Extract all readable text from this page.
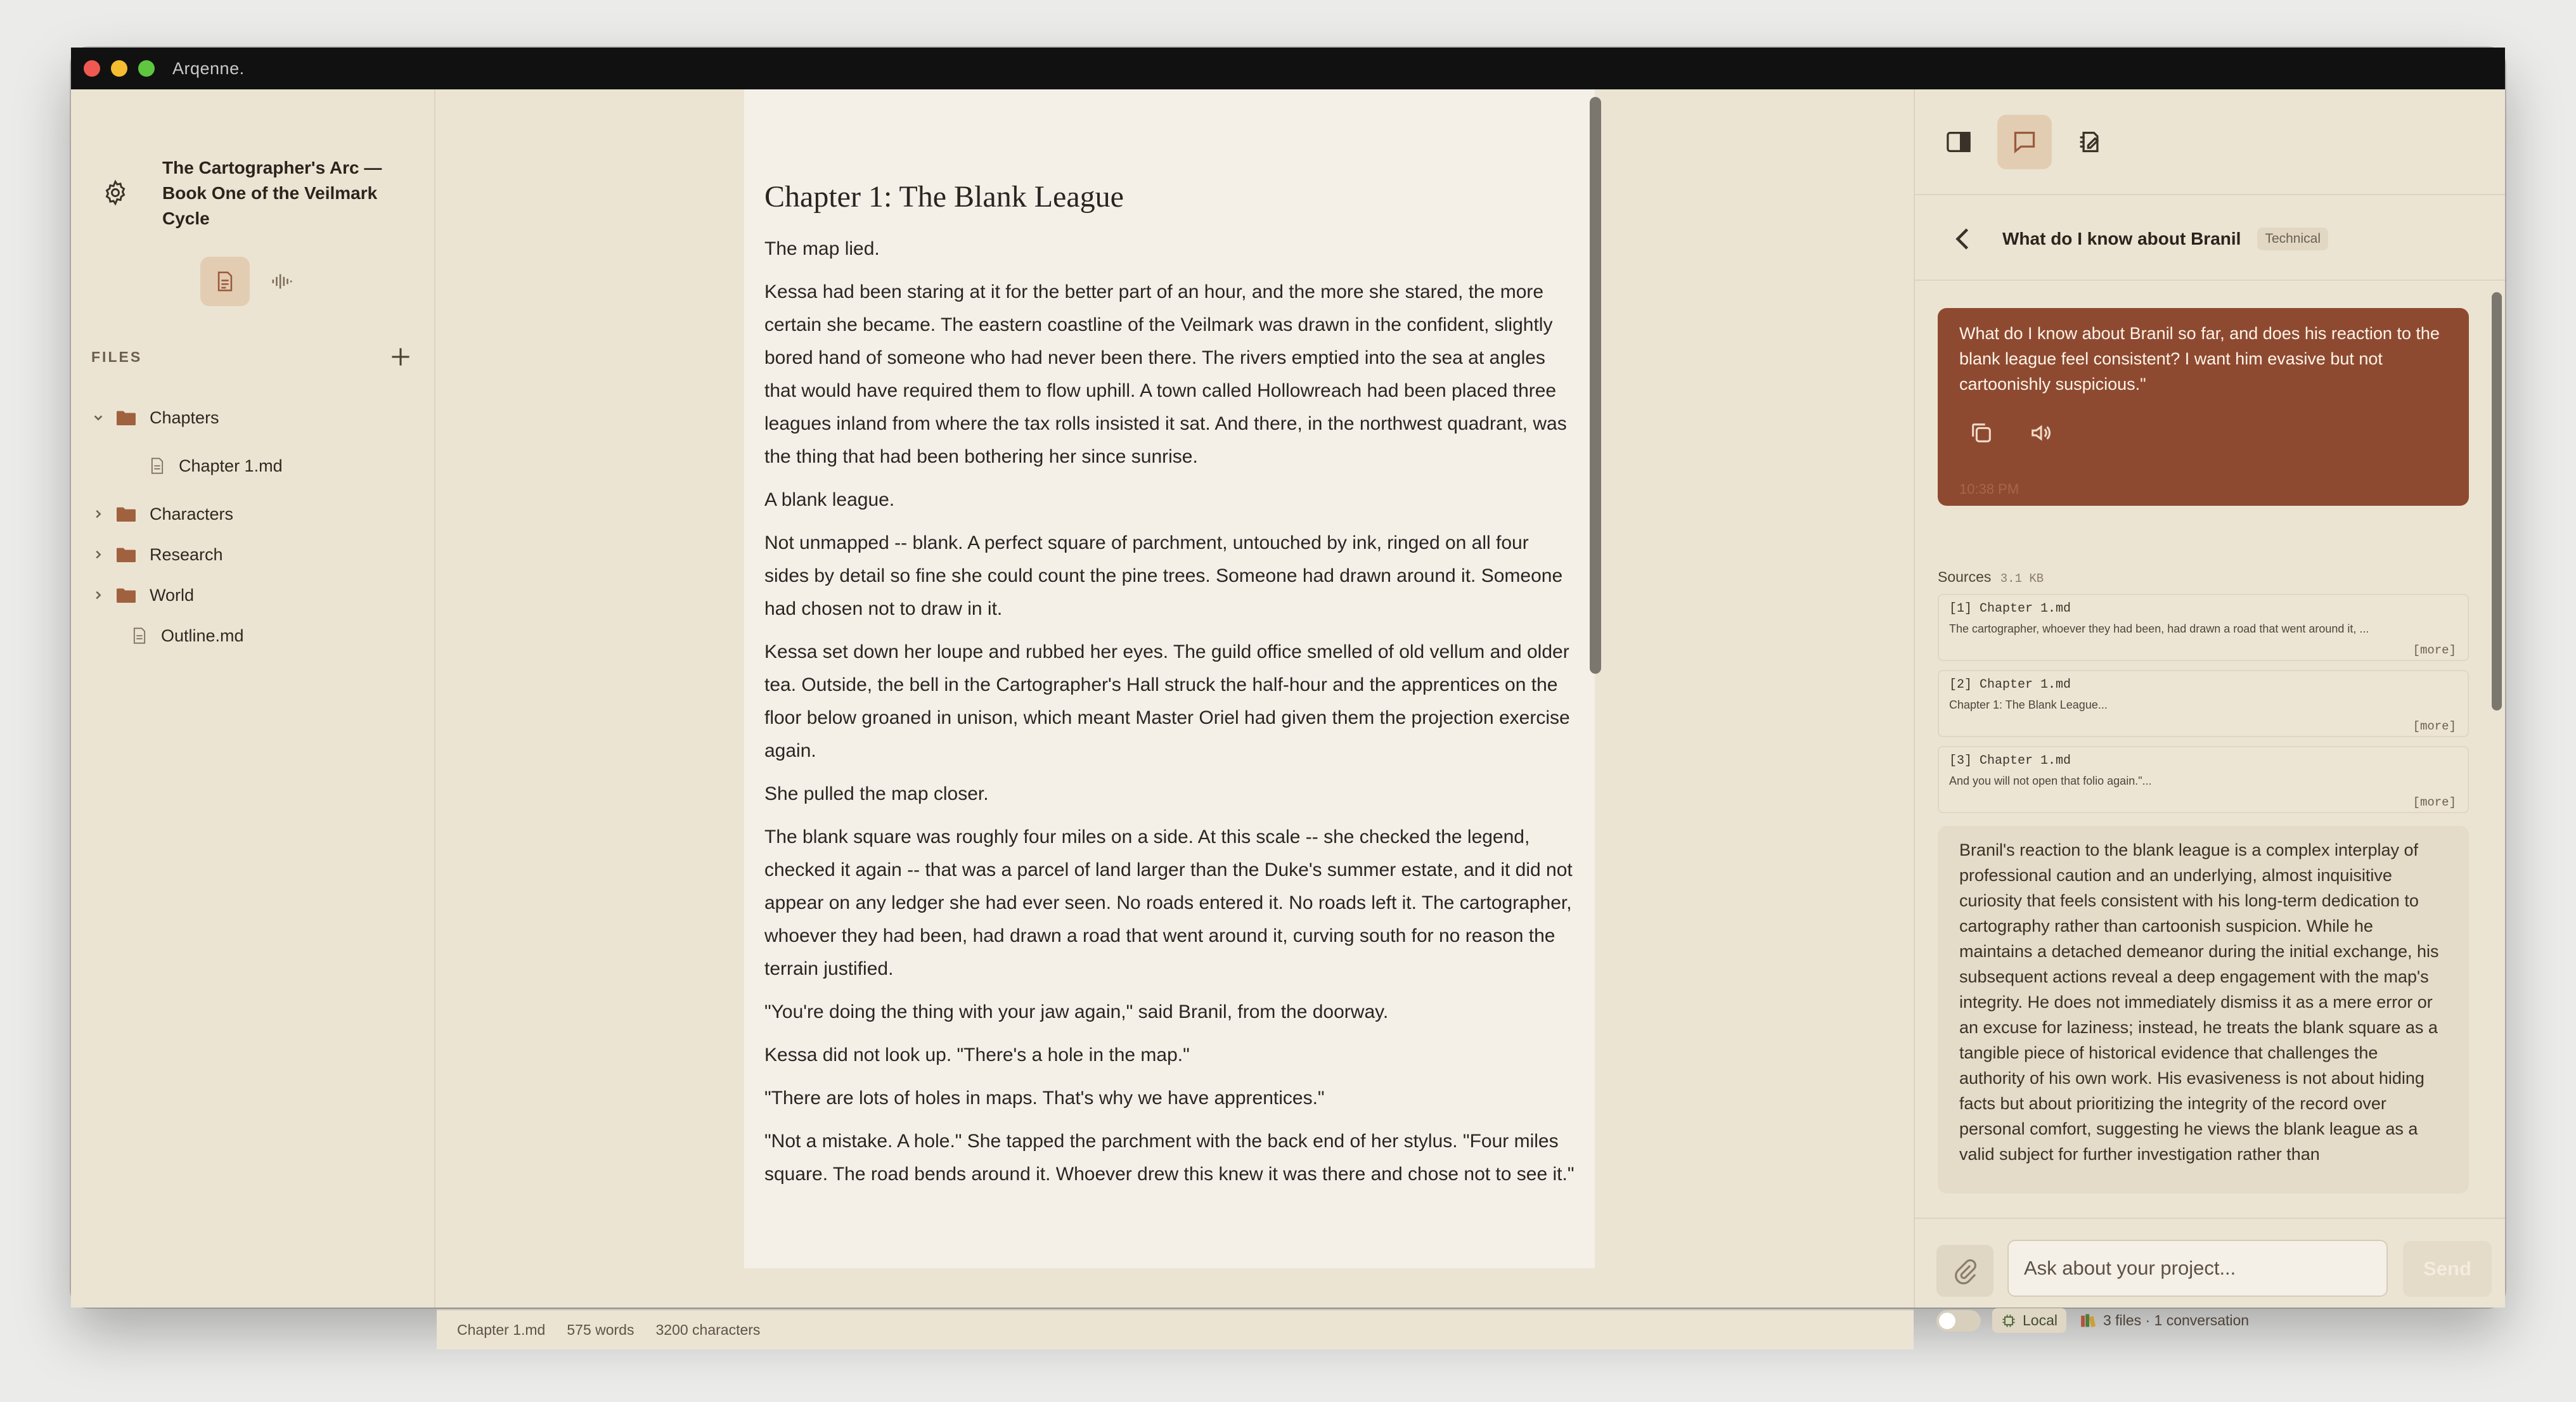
Arqenne.
The Cartographer's Arc — Book One of the Veilmark Cycle
FILES
Chapters
Chapter 1.md
Characters
Research
World
Outline.md
Chapter 1: The Blank League

The map lied.

Kessa had been staring at it for the better part of an hour, and the more she stared, the more certain she became. The eastern coastline of the Veilmark was drawn in the confident, slightly bored hand of someone who had never been there. The rivers emptied into the sea at angles that would have required them to flow uphill. A town called Hollowreach had been placed three leagues inland from where the tax rolls insisted it sat. And there, in the northwest quadrant, was the thing that had been bothering her since sunrise.

A blank league.

Not unmapped -- blank. A perfect square of parchment, untouched by ink, ringed on all four sides by detail so fine she could count the pine trees. Someone had drawn around it. Someone had chosen not to draw in it.

Kessa set down her loupe and rubbed her eyes. The guild office smelled of old vellum and older tea. Outside, the bell in the Cartographer's Hall struck the half-hour and the apprentices on the floor below groaned in unison, which meant Master Oriel had given them the projection exercise again.

She pulled the map closer.

The blank square was roughly four miles on a side. At this scale -- she checked the legend, checked it again -- that was a parcel of land larger than the Duke's summer estate, and it did not appear on any ledger she had ever seen. No roads entered it. No roads left it. The cartographer, whoever they had been, had drawn a road that went around it, curving south for no reason the terrain justified.

"You're doing the thing with your jaw again," said Branil, from the doorway.

Kessa did not look up. "There's a hole in the map."

"There are lots of holes in maps. That's why we have apprentices."

"Not a mistake. A hole." She tapped the parchment with the back end of her stylus. "Four miles square. The road bends around it. Whoever drew this knew it was there and chose not to see it."

Chapter 1.md 575 words 3200 characters
What do I know about Branil	Technical
What do I know about Branil so far, and does his reaction to the blank league feel consistent? I want him evasive but not cartoonishly suspicious."
10:38 PM
Sources 3.1 KB
[1] Chapter 1.md
The cartographer, whoever they had been, had drawn a road that went around it, ...
[more]
[2] Chapter 1.md
Chapter 1: The Blank League...
[more]
[3] Chapter 1.md
And you will not open that folio again."...
[more]
Branil's reaction to the blank league is a complex interplay of professional caution and an underlying, almost inquisitive curiosity that feels consistent with his long-term dedication to cartography rather than cartoonish suspicion. While he maintains a detached demeanor during the initial exchange, his subsequent actions reveal a deep engagement with the map's integrity. He does not immediately dismiss it as a mere error or an excuse for laziness; instead, he treats the blank square as a tangible piece of historical evidence that challenges the authority of his own work. His evasiveness is not about hiding facts but about prioritizing the integrity of the record over personal comfort, suggesting he views the blank league as a valid subject for further investigation rather than
Ask about your project...
Send
Local	3 files · 1 conversation
